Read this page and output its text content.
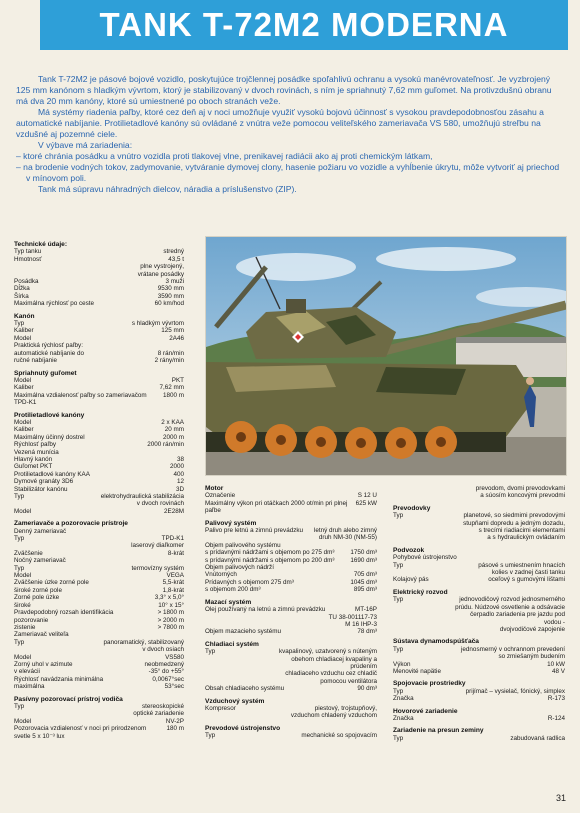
TANK T-72M2 MODERNA

Tank T-72M2 je pásové bojové vozidlo, poskytujúce trojčlennej posádke spoľahlivú ochranu a vysokú manévrovateľnosť. Je vyzbrojený 125 mm kanónom s hladkým vývrtom, ktorý je stabilizovaný v dvoch rovinách, s ním je spriahnutý 7,62 mm guľomet. Na protivzdušnú obranu má dva 20 mm kanóny, ktoré sú umiestnené po oboch stranách veže.

Má systémy riadenia paľby, ktoré cez deň aj v noci umožňuje využiť vysokú bojovú účinnosť s vysokou pravdepodobnosťou zásahu a automatické nabíjanie. Protilietadlové kanóny sú ovládané z vnútra veže pomocou veliteľského zameriavača VS 580, umožňujú streľbu na vzdušné aj pozemné ciele.

V výbave má zariadenia:

– ktoré chránia posádku a vnútro vozidla proti tlakovej vlne, prenikavej radiácii ako aj proti chemickým látkam,

– na brodenie vodných tokov, zadymovanie, vytváranie dymovej clony, hasenie požiaru vo vozidle a vyhĺbenie úkrytu, môže vytvoriť aj priechod v mínovom poli.

Tank má súpravu náhradných dielcov, náradia a príslušenstvo (ZIP).

Technické údaje:
Typ tanku	stredný
Hmotnosť	43,5 t
plne vystrojený,
vrátane posádky
Posádka	3 muži
Dĺžka	9530 mm
Šírka	3590 mm
Maximálna rýchlosť po ceste	60 km/hod
Kanón
Typ	s hladkým vývrtom
Kaliber	125 mm
Model	2A46
Praktická rýchlosť paľby:
automatické nabíjanie do	8 rán/min
ručné nabíjanie	2 rány/min
Spriahnutý guľomet
Model	PKT
Kaliber	7,62 mm
Maximálna vzdialenosť paľby so zameriavačom TPD-K1
1800 m
Protilietadlové kanóny
Model	2 x KAA
Kaliber	20 mm
Maximálny účinný dostrel	2000 m
Rýchlosť paľby	2000 rán/min
Vezená munícia
Hlavný kanón	38
Guľomet PKT	2000
Protilietadlové kanóny KAA	400
Dymové granáty 3D6	12
Stabilizátor kanónu	3D
Typ	elektrohydraulická stabilizácia
v dvoch rovinách
Model	2E28M
Zameriavače a pozorovacie prístroje
Denný zameriavač
Typ	TPD-K1
laserový diaľkomer
Zväčšenie	8-krát
Nočný zameriavač
Typ	termovízny systém
Model	VEGA
Zväčšenie úzke zorné pole	5,5-krát
široké zorné pole	1,8-krát
Zorné pole úzke	3,3° x 5,0°
široké	10° x 15°
Pravdepodobný rozsah identifikácia	> 1800 m
pozorovanie	> 2000 m
zistenie	> 7800 m
Zameriavač veliteľa
Typ	panoramatický, stabilizovaný
v dvoch osiach
Model	VS580
Zorný uhol v azimute	neobmedzený
v elevácii	-35° do +55°
Rýchlosť navádzania minimálna	0,0067°sec
maximálna	53°sec
Pasívny pozorovací prístroj vodiča
Typ	stereoskopické
optické zariadenie
Model	NV-2P
Pozorovacia vzdialenosť v noci pri prirodzenom svetle 5 x 10⁻³ lux
180 m
Motor
Označenie	S 12 U
Maximálny výkon pri otáčkach 2000 ot/min pri plnej paľbe
625 kW
Palivový systém
Palivo pre letnú a zimnú prevádzku	letný druh alebo zimný
druh NM-30 (NM-55)
Objem palivového systému
s prídavnými nádržami s objemom po 275 dm³	1750 dm³
s prídavnými nádržami s objemom po 200 dm³	1690 dm³
Objem palivových nádrží
Vnútorných	705 dm³
Prídavných s objemom 275 dm³	1045 dm³
s objemom 200 dm³	895 dm³
Mazací systém
Olej používaný na letnú a zimnú prevádzku	MT-16P
TU 38-001117-73
M 16 IHP-3
Objem mazacieho systému	78 dm³
Chladiaci systém
Typ	kvapalinový, uzatvorený s núteným
obehom chladiacej kvapaliny a prúdením
chladiaceho vzduchu cez chladič
pomocou ventilátora
Obsah chladiaceho systému	90 dm³
Vzduchový systém
Kompresor	piestový, trojstupňový,
vzduchom chladený vzduchom
Prevodové ústrojenstvo
Typ	mechanické so spojovacím
prevodom, dvomi prevodovkami
a súosím koncovými prevodmi
Prevodovky
Typ	planetové, so siedmimi prevodovými
stupňami dopredu a jedným dozadu,
s trecími riadiacimi elementami
a s hydraulickým ovládaním
Podvozok
Pohybové ústrojenstvo
Typ	pásové s umiestnením hnacích
kolies v zadnej časti tanku
Kolajový pás	oceľový s gumovými lištami
Elektrický rozvod
Typ	jednovodičový rozvod jednosmerného
prúdu. Núdzové osvetlenie a odsávacie
čerpadlo zariadenia pre jazdu pod vodou -
dvojvodičové zapojenie
Sústava dynamodspúšťača
Typ	jednosmerný v ochrannom prevedení
so zmiešaným budením
Výkon	10 kW
Menovité napätie	48 V
Spojovacie prostriedky
Typ	prijímač – vysielač, fónický, simplex
Značka	R-173
Hovorové zariadenie
Značka	R-124
Zariadenie na presun zeminy
Typ	zabudovaná radlica
31
